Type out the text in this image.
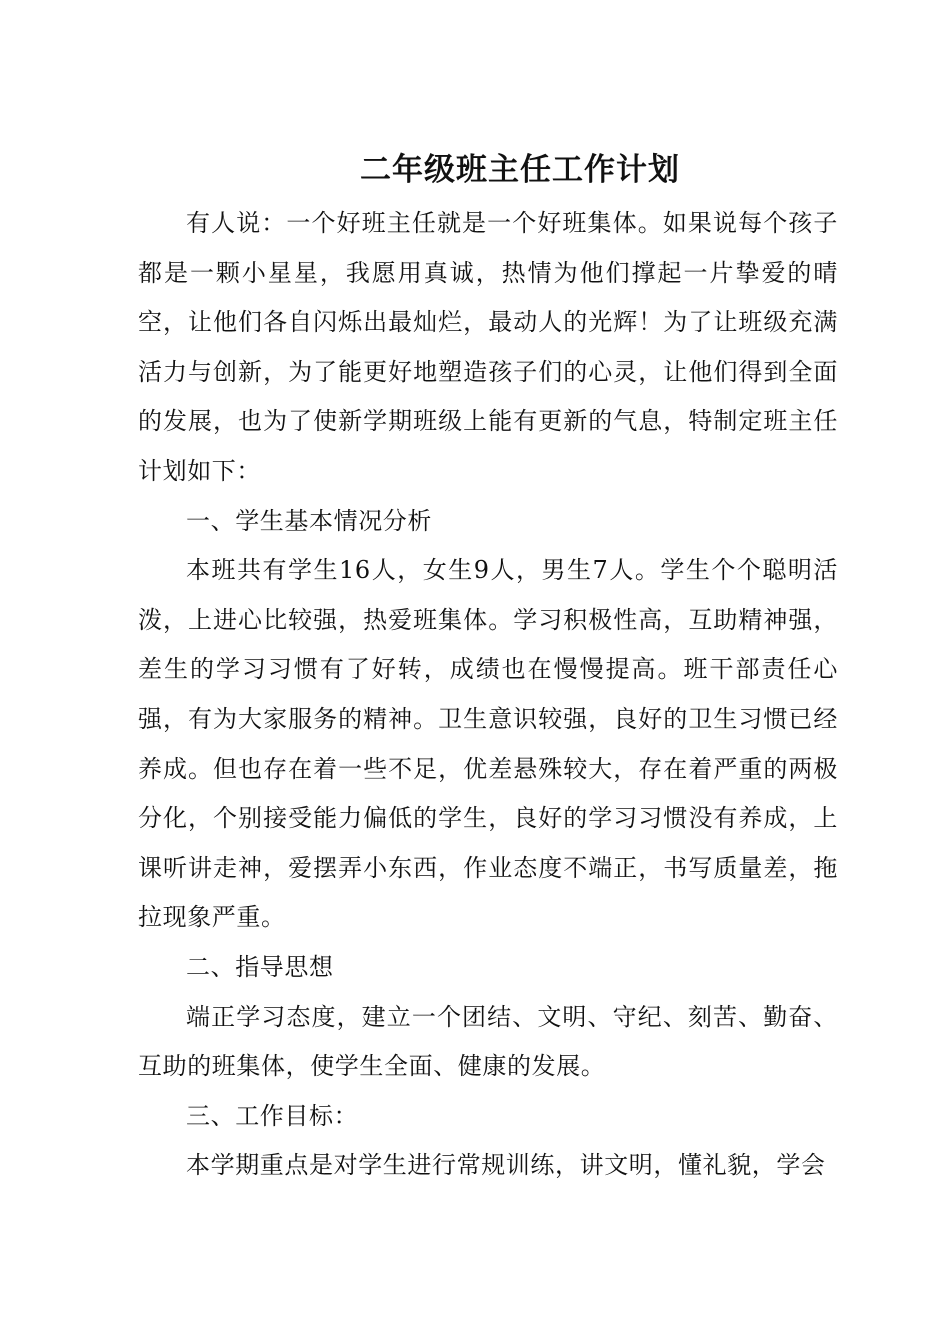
二年级班主任工作计划

有人说：一个好班主任就是一个好班集体。如果说每个孩子都是一颗小星星，我愿用真诚，热情为他们撑起一片挚爱的晴空，让他们各自闪烁出最灿烂，最动人的光辉！为了让班级充满活力与创新，为了能更好地塑造孩子们的心灵，让他们得到全面的发展，也为了使新学期班级上能有更新的气息，特制定班主任计划如下：

一、学生基本情况分析

本班共有学生16人，女生9人，男生7人。学生个个聪明活泼，上进心比较强，热爱班集体。学习积极性高，互助精神强，差生的学习习惯有了好转，成绩也在慢慢提高。班干部责任心强，有为大家服务的精神。卫生意识较强，良好的卫生习惯已经养成。但也存在着一些不足，优差悬殊较大，存在着严重的两极分化，个别接受能力偏低的学生，良好的学习习惯没有养成，上课听讲走神，爱摆弄小东西，作业态度不端正，书写质量差，拖拉现象严重。

二、指导思想

端正学习态度，建立一个团结、文明、守纪、刻苦、勤奋、互助的班集体，使学生全面、健康的发展。

三、工作目标：

本学期重点是对学生进行常规训练，讲文明，懂礼貌，学会
